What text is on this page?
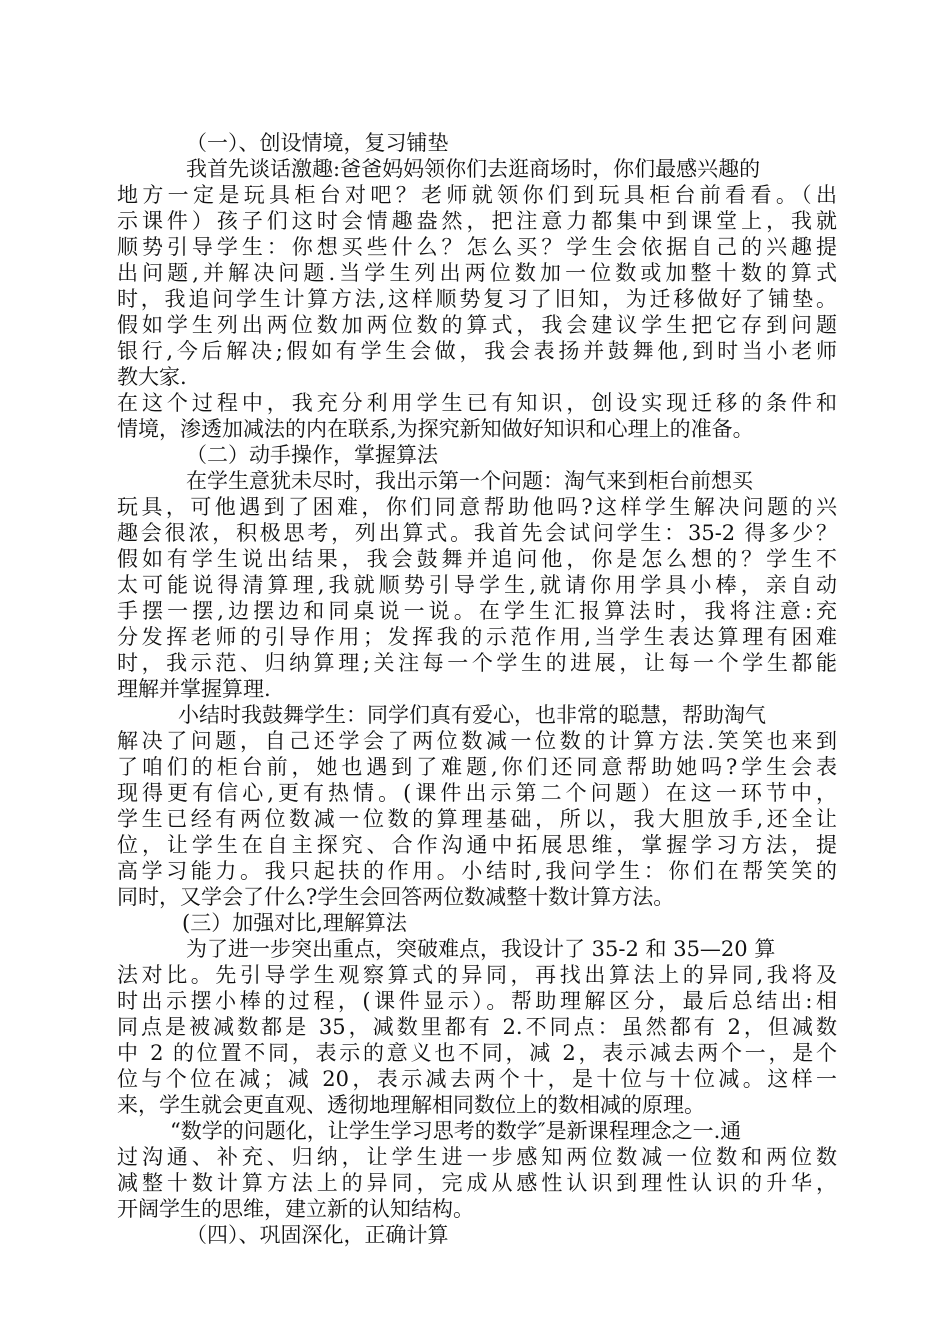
（一）、创设情境，复习铺垫
我首先谈话激趣:爸爸妈妈领你们去逛商场时，你们最感兴趣的
地方一定是玩具柜台对吧？老师就领你们到玩具柜台前看看。（出
示课件）孩子们这时会情趣盎然，把注意力都集中到课堂上，我就
顺势引导学生：你想买些什么？怎么买？学生会依据自己的兴趣提
出问题,并解决问题.当学生列出两位数加一位数或加整十数的算式
时，我追问学生计算方法,这样顺势复习了旧知，为迁移做好了铺垫。
假如学生列出两位数加两位数的算式，我会建议学生把它存到问题
银行,今后解决;假如有学生会做，我会表扬并鼓舞他,到时当小老师
教大家.
在这个过程中，我充分利用学生已有知识，创设实现迁移的条件和
情境，渗透加减法的内在联系,为探究新知做好知识和心理上的准备。
（二）动手操作，掌握算法
在学生意犹未尽时，我出示第一个问题：淘气来到柜台前想买
玩具，可他遇到了困难，你们同意帮助他吗?这样学生解决问题的兴
趣会很浓，积极思考，列出算式。我首先会试问学生：35-2 得多少？
假如有学生说出结果，我会鼓舞并追问他，你是怎么想的？学生不
太可能说得清算理,我就顺势引导学生,就请你用学具小棒，亲自动
手摆一摆,边摆边和同桌说一说。在学生汇报算法时，我将注意:充
分发挥老师的引导作用；发挥我的示范作用,当学生表达算理有困难
时，我示范、归纳算理;关注每一个学生的进展，让每一个学生都能
理解并掌握算理.
小结时我鼓舞学生：同学们真有爱心，也非常的聪慧，帮助淘气
解决了问题，自己还学会了两位数减一位数的计算方法.笑笑也来到
了咱们的柜台前，她也遇到了难题,你们还同意帮助她吗?学生会表
现得更有信心,更有热情。(课件出示第二个问题）在这一环节中，
学生已经有两位数减一位数的算理基础，所以，我大胆放手,还全让
位，让学生在自主探究、合作沟通中拓展思维，掌握学习方法，提
高学习能力。我只起扶的作用。小结时,我问学生：你们在帮笑笑的
同时，又学会了什么?学生会回答两位数减整十数计算方法。
(三）加强对比,理解算法
为了进一步突出重点，突破难点，我设计了 35-2 和 35—20 算
法对比。先引导学生观察算式的异同，再找出算法上的异同,我将及
时出示摆小棒的过程，(课件显示）。帮助理解区分，最后总结出:相
同点是被减数都是 35，减数里都有 2.不同点：虽然都有 2，但减数
中 2 的位置不同，表示的意义也不同，减 2，表示减去两个一，是个
位与个位在减；减 20，表示减去两个十，是十位与十位减。这样一
来，学生就会更直观、透彻地理解相同数位上的数相减的原理。
“数学的问题化，让学生学习思考的数学″是新课程理念之一.通
过沟通、补充、归纳，让学生进一步感知两位数减一位数和两位数
减整十数计算方法上的异同，完成从感性认识到理性认识的升华，
开阔学生的思维，建立新的认知结构。
（四）、巩固深化，正确计算
